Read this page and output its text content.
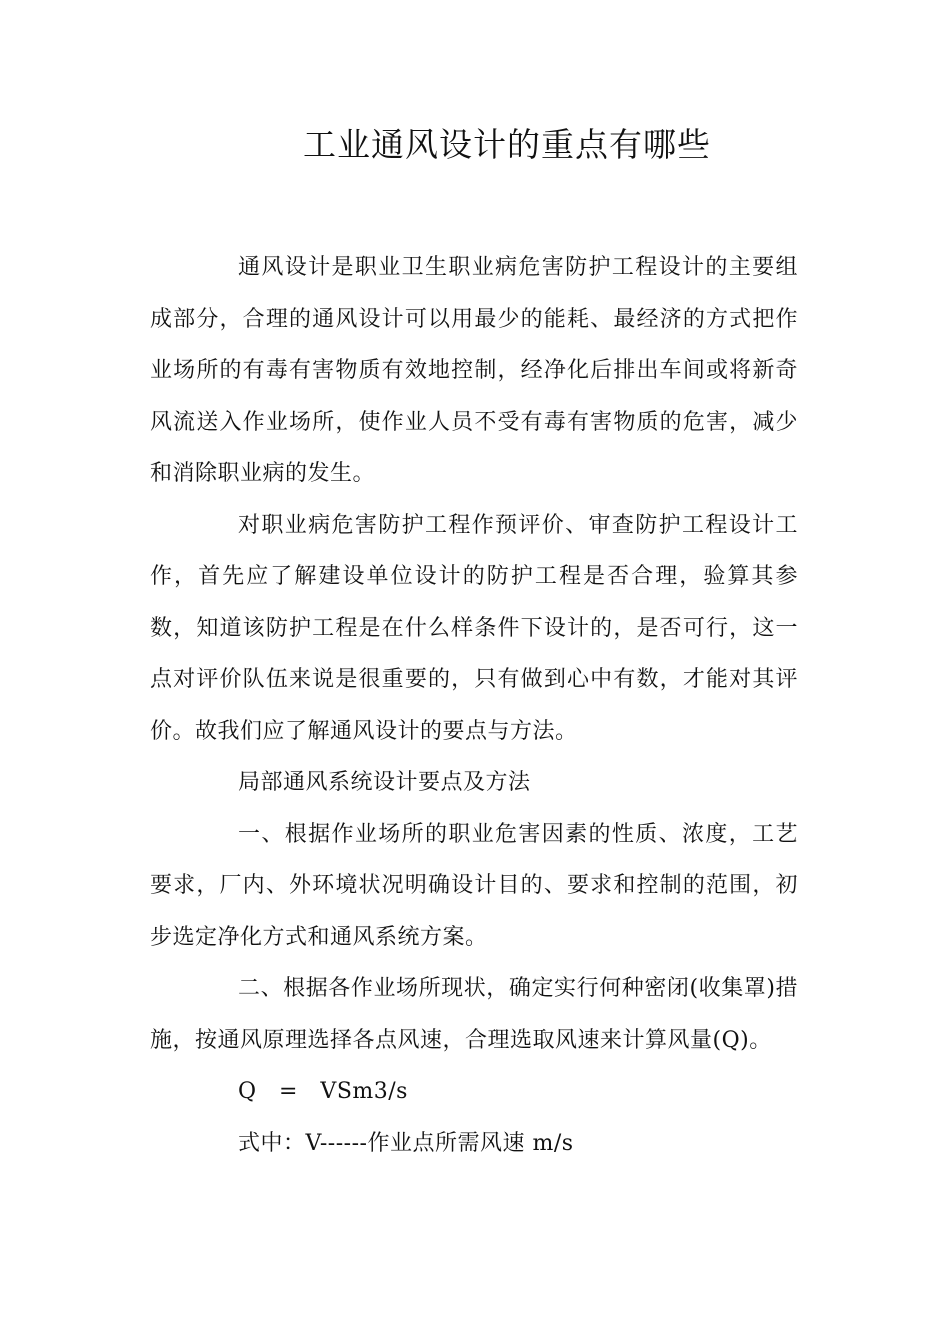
工业通风设计的重点有哪些

通风设计是职业卫生职业病危害防护工程设计的主要组成部分，合理的通风设计可以用最少的能耗、最经济的方式把作业场所的有毒有害物质有效地控制，经净化后排出车间或将新奇风流送入作业场所，使作业人员不受有毒有害物质的危害，减少和消除职业病的发生。

对职业病危害防护工程作预评价、审查防护工程设计工作，首先应了解建设单位设计的防护工程是否合理，验算其参数，知道该防护工程是在什么样条件下设计的，是否可行，这一点对评价队伍来说是很重要的，只有做到心中有数，才能对其评价。故我们应了解通风设计的要点与方法。

局部通风系统设计要点及方法

一、根据作业场所的职业危害因素的性质、浓度，工艺要求，厂内、外环境状况明确设计目的、要求和控制的范围，初步选定净化方式和通风系统方案。

二、根据各作业场所现状，确定实行何种密闭(收集罩)措施，按通风原理选择各点风速，合理选取风速来计算风量(Q)。

Q   =   VSm3/s

式中：V------作业点所需风速 m/s
